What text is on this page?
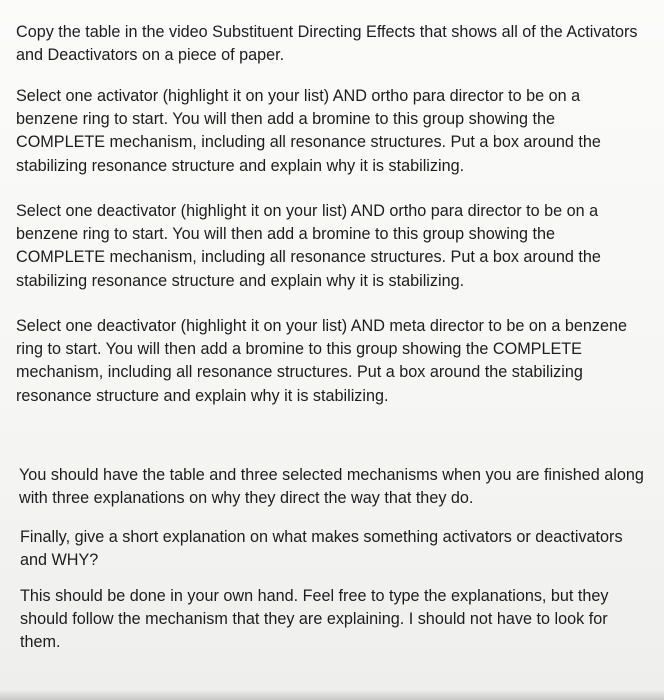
Copy the table in the video Substituent Directing Effects that shows all of the Activators and Deactivators on a piece of paper.

Select one activator (highlight it on your list) AND ortho para director to be on a benzene ring to start. You will then add a bromine to this group showing the COMPLETE mechanism, including all resonance structures. Put a box around the stabilizing resonance structure and explain why it is stabilizing.

Select one deactivator (highlight it on your list) AND ortho para director to be on a benzene ring to start. You will then add a bromine to this group showing the COMPLETE mechanism, including all resonance structures. Put a box around the stabilizing resonance structure and explain why it is stabilizing.

Select one deactivator (highlight it on your list) AND meta director to be on a benzene ring to start. You will then add a bromine to this group showing the COMPLETE mechanism, including all resonance structures. Put a box around the stabilizing resonance structure and explain why it is stabilizing.

You should have the table and three selected mechanisms when you are finished along with three explanations on why they direct the way that they do.

Finally, give a short explanation on what makes something activators or deactivators and WHY?

This should be done in your own hand. Feel free to type the explanations, but they should follow the mechanism that they are explaining. I should not have to look for them.
